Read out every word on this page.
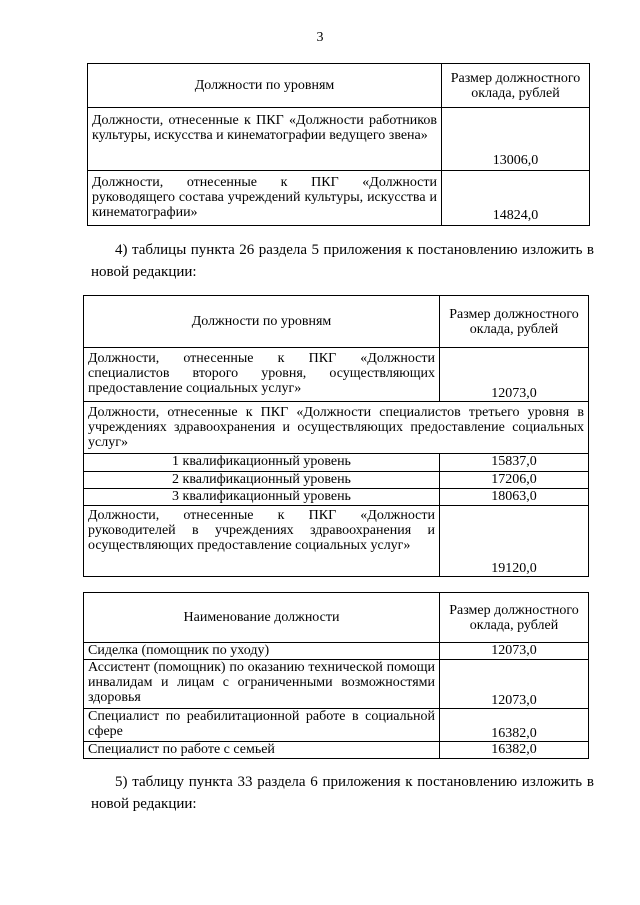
3
Должности по уровням	Размер должностного оклада, рублей
Должности, отнесенные к ПКГ «Должности работников культуры, искусства и кинематографии ведущего звена»	13006,0
Должности, отнесенные к ПКГ «Должности руководящего состава учреждений культуры, искусства и кинематографии»	14824,0
4) таблицы пункта 26 раздела 5 приложения к постановлению изложить в новой редакции:
Должности по уровням	Размер должностного оклада, рублей
Должности, отнесенные к ПКГ «Должности специалистов второго уровня, осуществляющих предоставление социальных услуг»	12073,0
Должности, отнесенные к ПКГ «Должности специалистов третьего уровня в учреждениях здравоохранения и осуществляющих предоставление социальных услуг»	
1 квалификационный уровень	15837,0
2 квалификационный уровень	17206,0
3 квалификационный уровень	18063,0
Должности, отнесенные к ПКГ «Должности руководителей в учреждениях здравоохранения и осуществляющих предоставление социальных услуг»	19120,0
Наименование должности	Размер должностного оклада, рублей
Сиделка (помощник по уходу)	12073,0
Ассистент (помощник) по оказанию технической помощи инвалидам и лицам с ограниченными возможностями здоровья	12073,0
Специалист по реабилитационной работе в социальной сфере	16382,0
Специалист по работе с семьей	16382,0
5) таблицу пункта 33 раздела 6 приложения к постановлению изложить в новой редакции:
